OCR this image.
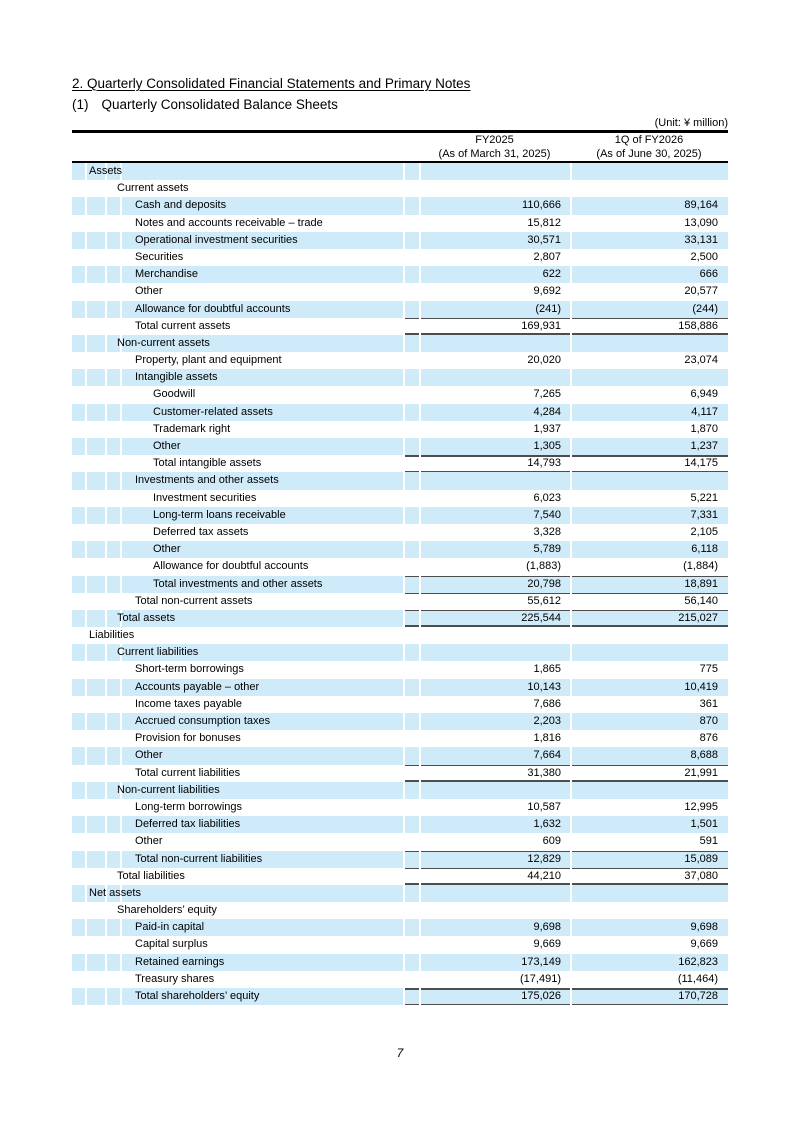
2. Quarterly Consolidated Financial Statements and Primary Notes
(1) Quarterly Consolidated Balance Sheets
(Unit: ¥ million)
FY2025
(As of March 31, 2025)
1Q of FY2026
(As of June 30, 2025)
Assets
Current assets
Cash and deposits	110,666	89,164
Notes and accounts receivable – trade	15,812	13,090
Operational investment securities	30,571	33,131
Securities	2,807	2,500
Merchandise	622	666
Other	9,692	20,577
Allowance for doubtful accounts	(241)	(244)
Total current assets	169,931	158,886
Non-current assets
Property, plant and equipment	20,020	23,074
Intangible assets
Goodwill	7,265	6,949
Customer-related assets	4,284	4,117
Trademark right	1,937	1,870
Other	1,305	1,237
Total intangible assets	14,793	14,175
Investments and other assets
Investment securities	6,023	5,221
Long-term loans receivable	7,540	7,331
Deferred tax assets	3,328	2,105
Other	5,789	6,118
Allowance for doubtful accounts	(1,883)	(1,884)
Total investments and other assets	20,798	18,891
Total non-current assets	55,612	56,140
Total assets	225,544	215,027
Liabilities
Current liabilities
Short-term borrowings	1,865	775
Accounts payable – other	10,143	10,419
Income taxes payable	7,686	361
Accrued consumption taxes	2,203	870
Provision for bonuses	1,816	876
Other	7,664	8,688
Total current liabilities	31,380	21,991
Non-current liabilities
Long-term borrowings	10,587	12,995
Deferred tax liabilities	1,632	1,501
Other	609	591
Total non-current liabilities	12,829	15,089
Total liabilities	44,210	37,080
Net assets
Shareholders’ equity
Paid-in capital	9,698	9,698
Capital surplus	9,669	9,669
Retained earnings	173,149	162,823
Treasury shares	(17,491)	(11,464)
Total shareholders’ equity	175,026	170,728
7
